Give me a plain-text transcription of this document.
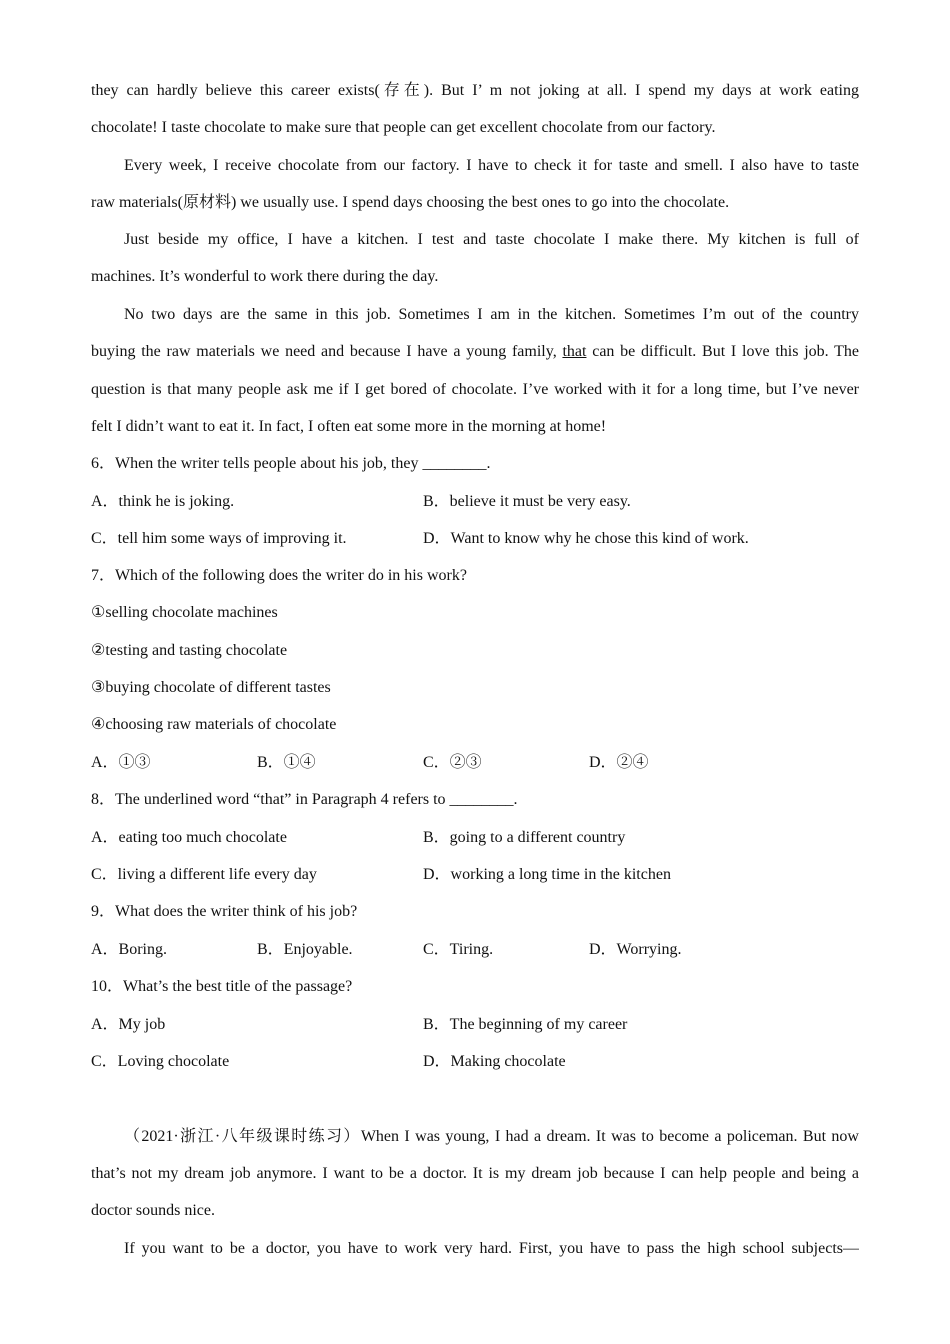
they can hardly believe this career exists(存在). But I’ m not joking at all. I spend my days at work eating
chocolate! I taste chocolate to make sure that people can get excellent chocolate from our factory.
Every week, I receive chocolate from our factory. I have to check it for taste and smell. I also have to taste
raw materials(原材料) we usually use. I spend days choosing the best ones to go into the chocolate.
Just beside my office, I have a kitchen. I test and taste chocolate I make there. My kitchen is full of
machines. It’s wonderful to work there during the day.
No two days are the same in this job. Sometimes I am in the kitchen. Sometimes I’m out of the country
buying the raw materials we need and because I have a young family, that can be difficult. But I love this job. The
question is that many people ask me if I get bored of chocolate. I’ve worked with it for a long time, but I’ve never
felt I didn’t want to eat it. In fact, I often eat some more in the morning at home!
6．When the writer tells people about his job, they ________.
A．think he is joking.	B．believe it must be very easy.
C．tell him some ways of improving it.	D．Want to know why he chose this kind of work.
7．Which of the following does the writer do in his work?
①selling chocolate machines
②testing and tasting chocolate
③buying chocolate of different tastes
④choosing raw materials of chocolate
A．①③	B．①④	C．②③	D．②④
8．The underlined word “that” in Paragraph 4 refers to ________.
A．eating too much chocolate	B．going to a different country
C．living a different life every day	D．working a long time in the kitchen
9．What does the writer think of his job?
A．Boring.	B．Enjoyable.	C．Tiring.	D．Worrying.
10．What’s the best title of the passage?
A．My job	B．The beginning of my career
C．Loving chocolate	D．Making chocolate
（2021·浙江·八年级课时练习）When I was young, I had a dream. It was to become a policeman. But now
that’s not my dream job anymore. I want to be a doctor. It is my dream job because I can help people and being a
doctor sounds nice.
If you want to be a doctor, you have to work very hard. First, you have to pass the high school subjects—
